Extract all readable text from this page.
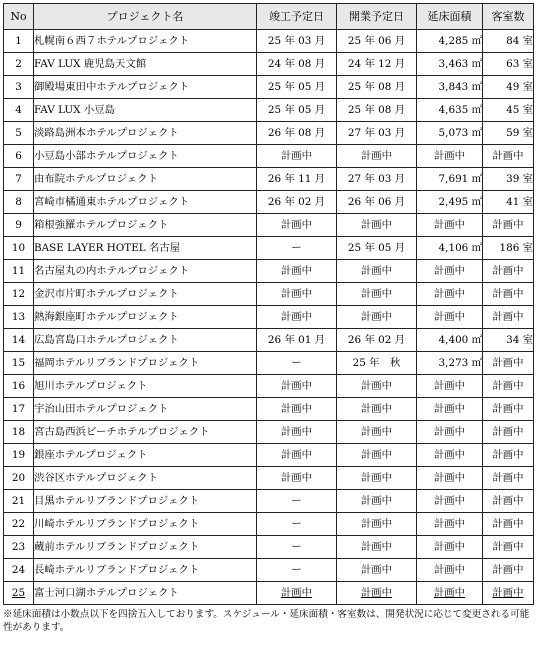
No	プロジェクト名	竣工予定日	開業予定日	延床面積	客室数
1	札幌南６西７ホテルプロジェクト	25 年 03 月	25 年 06 月	4,285 ㎡	84 室
2	FAV LUX 鹿児島天文館	24 年 08 月	24 年 12 月	3,463 ㎡	63 室
3	御殿場東田中ホテルプロジェクト	25 年 05 月	25 年 08 月	3,843 ㎡	49 室
4	FAV LUX 小豆島	25 年 05 月	25 年 08 月	4,635 ㎡	45 室
5	淡路島洲本ホテルプロジェクト	26 年 08 月	27 年 03 月	5,073 ㎡	59 室
6	小豆島小部ホテルプロジェクト	計画中	計画中	計画中	計画中
7	由布院ホテルプロジェクト	26 年 11 月	27 年 03 月	7,691 ㎡	39 室
8	宮崎市橘通東ホテルプロジェクト	26 年 02 月	26 年 06 月	2,495 ㎡	41 室
9	箱根強羅ホテルプロジェクト	計画中	計画中	計画中	計画中
10	BASE LAYER HOTEL 名古屋	ー	25 年 05 月	4,106 ㎡	186 室
11	名古屋丸の内ホテルプロジェクト	計画中	計画中	計画中	計画中
12	金沢市片町ホテルプロジェクト	計画中	計画中	計画中	計画中
13	熱海銀座町ホテルプロジェクト	計画中	計画中	計画中	計画中
14	広島宮島口ホテルプロジェクト	26 年 01 月	26 年 02 月	4,400 ㎡	34 室
15	福岡ホテルリブランドプロジェクト	ー	25 年　秋	3,273 ㎡	計画中
16	旭川ホテルプロジェクト	計画中	計画中	計画中	計画中
17	宇治山田ホテルプロジェクト	計画中	計画中	計画中	計画中
18	宮古島西浜ビーチホテルプロジェクト	計画中	計画中	計画中	計画中
19	銀座ホテルプロジェクト	計画中	計画中	計画中	計画中
20	渋谷区ホテルプロジェクト	計画中	計画中	計画中	計画中
21	目黒ホテルリブランドプロジェクト	ー	計画中	計画中	計画中
22	川崎ホテルリブランドプロジェクト	ー	計画中	計画中	計画中
23	蔵前ホテルリブランドプロジェクト	ー	計画中	計画中	計画中
24	長崎ホテルリブランドプロジェクト	ー	計画中	計画中	計画中
25	富士河口湖ホテルプロジェクト	計画中	計画中	計画中	計画中
※延床面積は小数点以下を四捨五入しております。スケジュール・延床面積・客室数は、開発状況に応じて変更される可能性があります。
